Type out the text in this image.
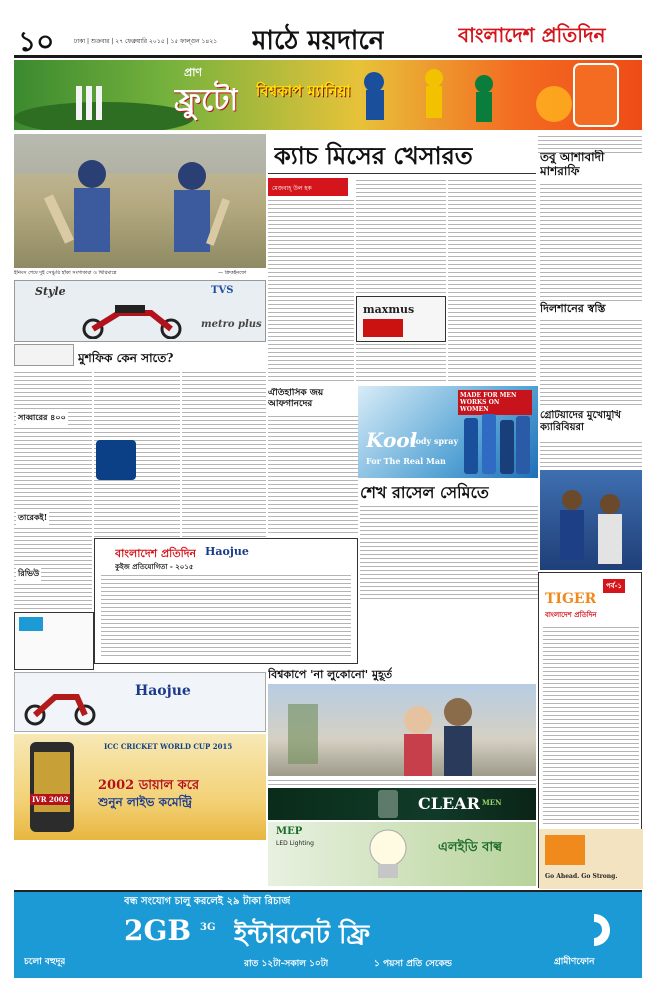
১০	ঢাকা | শুক্রবার | ২৭ ফেব্রুয়ারি ২০১৫ | ১৫ ফাল্গুন ১৪২১	মাঠে ময়দানে	বাংলাদেশ প্রতিদিন
প্রাণ
ফ্রুটো বিশ্বকাপ ম্যানিয়া
ইনিংস শেষে দুই সেঞ্চুরি হাঁকা সংগাকারা ও থিরিমান্নে	— ক্রিকইনফো
Style	TVS
metro plus
ক্যাচ মিসের খেসারত
মেজবাহ্ উল হক
maxmus
তবু আশাবাদী মাশরাফি
দিলশানের স্বস্তি
গ্রেটিয়াদের মুখোমুখি ক্যারিবিয়রা
মুশফিক কেন সাতে?
সাব্বারের ৪০০
তারেকই!
রিভিউ
Haojue
IVR 2002
ICC CRICKET WORLD CUP 2015
2002 ডায়াল করে
শুনুন লাইভ কমেন্ট্রি
ঐতিহাসিক জয় আফগানদের
MADE FOR MEN WORKS ON WOMEN
Kool
body spray
For The Real Man
শেখ রাসেল সেমিতে
বাংলাদেশ প্রতিদিন Haojue
কুইজ প্রতিযোগিতা - ২০১৫
বিশ্বকাপে 'না লুকোনো' মুহূর্ত
CLEAR MEN
MEP
LED Lighting	এলইডি বাল্ব
পর্ব-১
TIGER
বাংলাদেশ প্রতিদিন
Go Ahead. Go Strong.
বন্ধ সংযোগ চালু করলেই ২৯ টাকা রিচার্জ
2GB 3G ইন্টারনেট ফ্রি
রাত ১২টা-সকাল ১০টা	১ পয়সা প্রতি সেকেন্ড
চলো বহুদূর	গ্রামীণফোন
